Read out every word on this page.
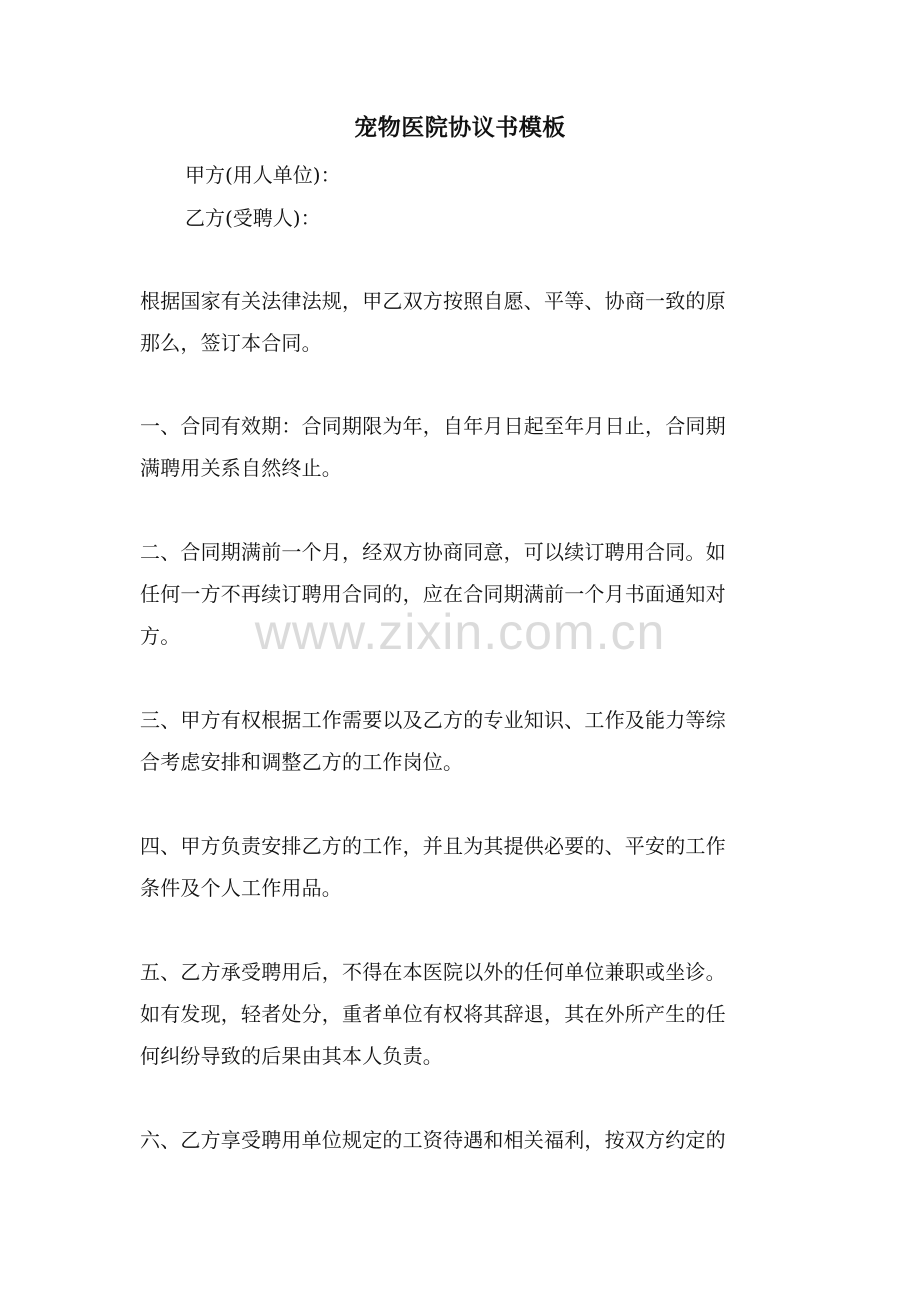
宠物医院协议书模板
甲方(用人单位)：
乙方(受聘人)：
根据国家有关法律法规，甲乙双方按照自愿、平等、协商一致的原
那么，签订本合同。
一、合同有效期：合同期限为年，自年月日起至年月日止，合同期
满聘用关系自然终止。
二、合同期满前一个月，经双方协商同意，可以续订聘用合同。如
任何一方不再续订聘用合同的，应在合同期满前一个月书面通知对
方。
三、甲方有权根据工作需要以及乙方的专业知识、工作及能力等综
合考虑安排和调整乙方的工作岗位。
四、甲方负责安排乙方的工作，并且为其提供必要的、平安的工作
条件及个人工作用品。
五、乙方承受聘用后，不得在本医院以外的任何单位兼职或坐诊。
如有发现，轻者处分，重者单位有权将其辞退，其在外所产生的任
何纠纷导致的后果由其本人负责。
六、乙方享受聘用单位规定的工资待遇和相关福利，按双方约定的
www.zixin.com.cn
